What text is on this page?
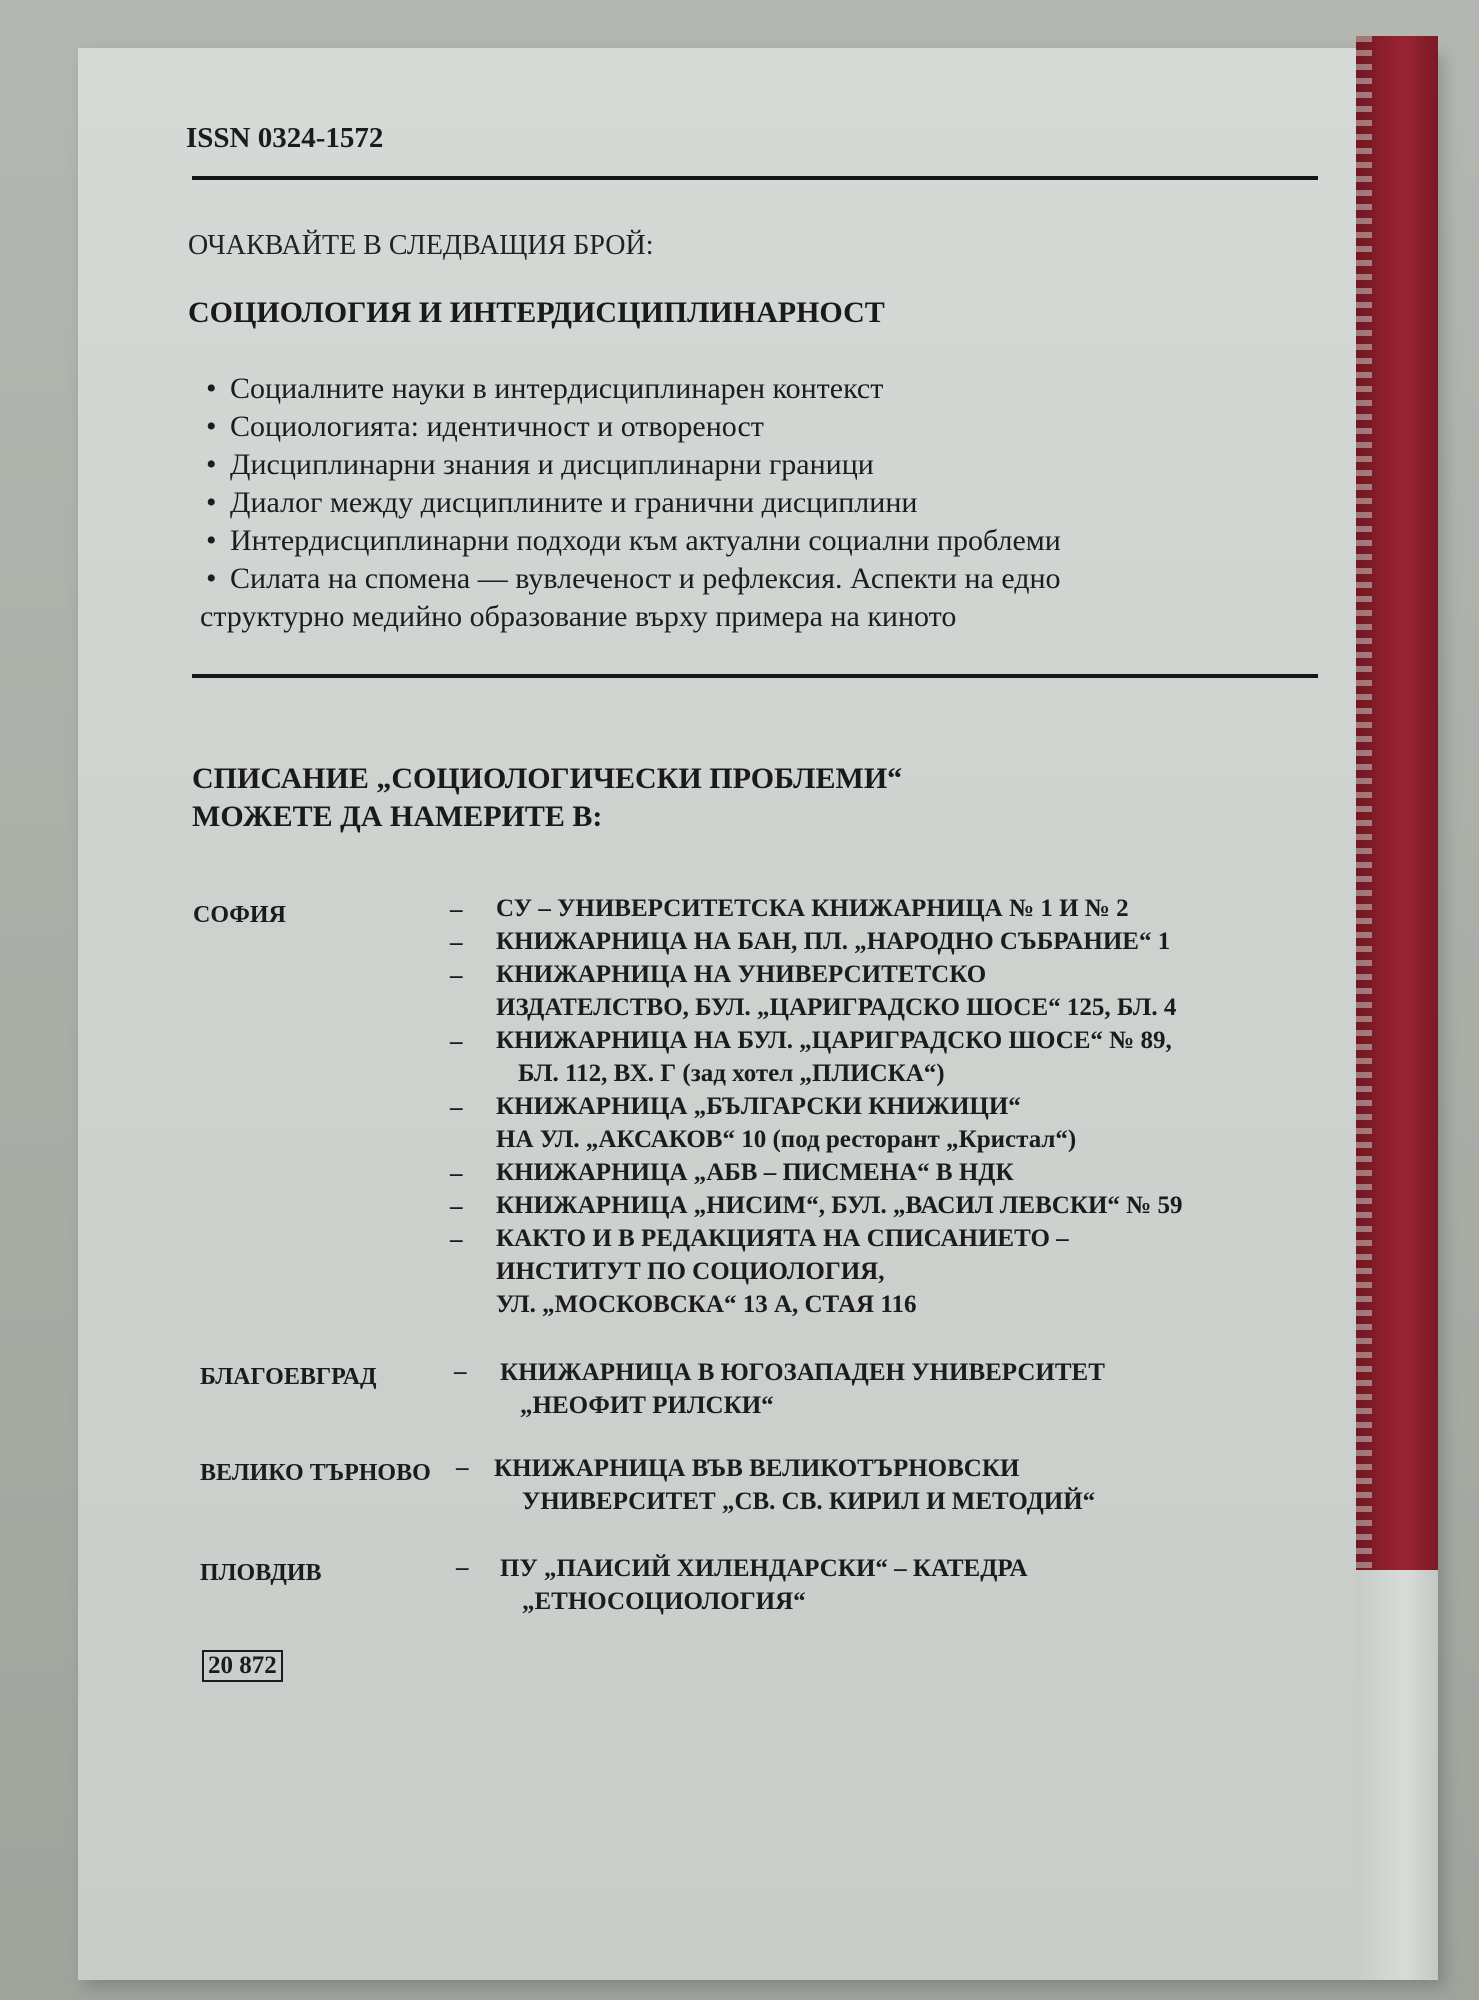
ISSN 0324-1572

ОЧАКВАЙТЕ В СЛЕДВАЩИЯ БРОЙ:

СОЦИОЛОГИЯ И ИНТЕРДИСЦИПЛИНАРНОСТ

• Социалните науки в интердисциплинарен контекст
• Социологията: идентичност и отвореност
• Дисциплинарни знания и дисциплинарни граници
• Диалог между дисциплините и гранични дисциплини
• Интердисциплинарни подходи към актуални социални проблеми
• Силата на спомена — вувлеченост и рефлексия. Аспекти на едно
структурно медийно образование върху примера на киното

СПИСАНИЕ „СОЦИОЛОГИЧЕСКИ ПРОБЛЕМИ“
МОЖЕТЕ ДА НАМЕРИТЕ В:

СОФИЯ	– СУ – УНИВЕРСИТЕТСКА КНИЖАРНИЦА № 1 И № 2

– КНИЖАРНИЦА НА БАН, ПЛ. „НАРОДНО СЪБРАНИЕ“ 1

– КНИЖАРНИЦА НА УНИВЕРСИТЕТСКО

ИЗДАТЕЛСТВО, БУЛ. „ЦАРИГРАДСКО ШОСЕ“ 125, БЛ. 4

– КНИЖАРНИЦА НА БУЛ. „ЦАРИГРАДСКО ШОСЕ“ № 89,

БЛ. 112, ВХ. Г (зад хотел „ПЛИСКА“)

– КНИЖАРНИЦА „БЪЛГАРСКИ КНИЖИЦИ“

НА УЛ. „АКСАКОВ“ 10 (под ресторант „Кристал“)

– КНИЖАРНИЦА „АБВ – ПИСМЕНА“ В НДК

– КНИЖАРНИЦА „НИСИМ“, БУЛ. „ВАСИЛ ЛЕВСКИ“ № 59

– КАКТО И В РЕДАКЦИЯТА НА СПИСАНИЕТО –

ИНСТИТУТ ПО СОЦИОЛОГИЯ,

УЛ. „МОСКОВСКА“ 13 А, СТАЯ 116

БЛАГОЕВГРАД	– КНИЖАРНИЦА В ЮГОЗАПАДЕН УНИВЕРСИТЕТ

„НЕОФИТ РИЛСКИ“

ВЕЛИКО ТЪРНОВО – КНИЖАРНИЦА ВЪВ ВЕЛИКОТЪРНОВСКИ

УНИВЕРСИТЕТ „СВ. СВ. КИРИЛ И МЕТОДИЙ“

ПЛОВДИВ	– ПУ „ПАИСИЙ ХИЛЕНДАРСКИ“ – КАТЕДРА

„ЕТНОСОЦИОЛОГИЯ“

20 872
